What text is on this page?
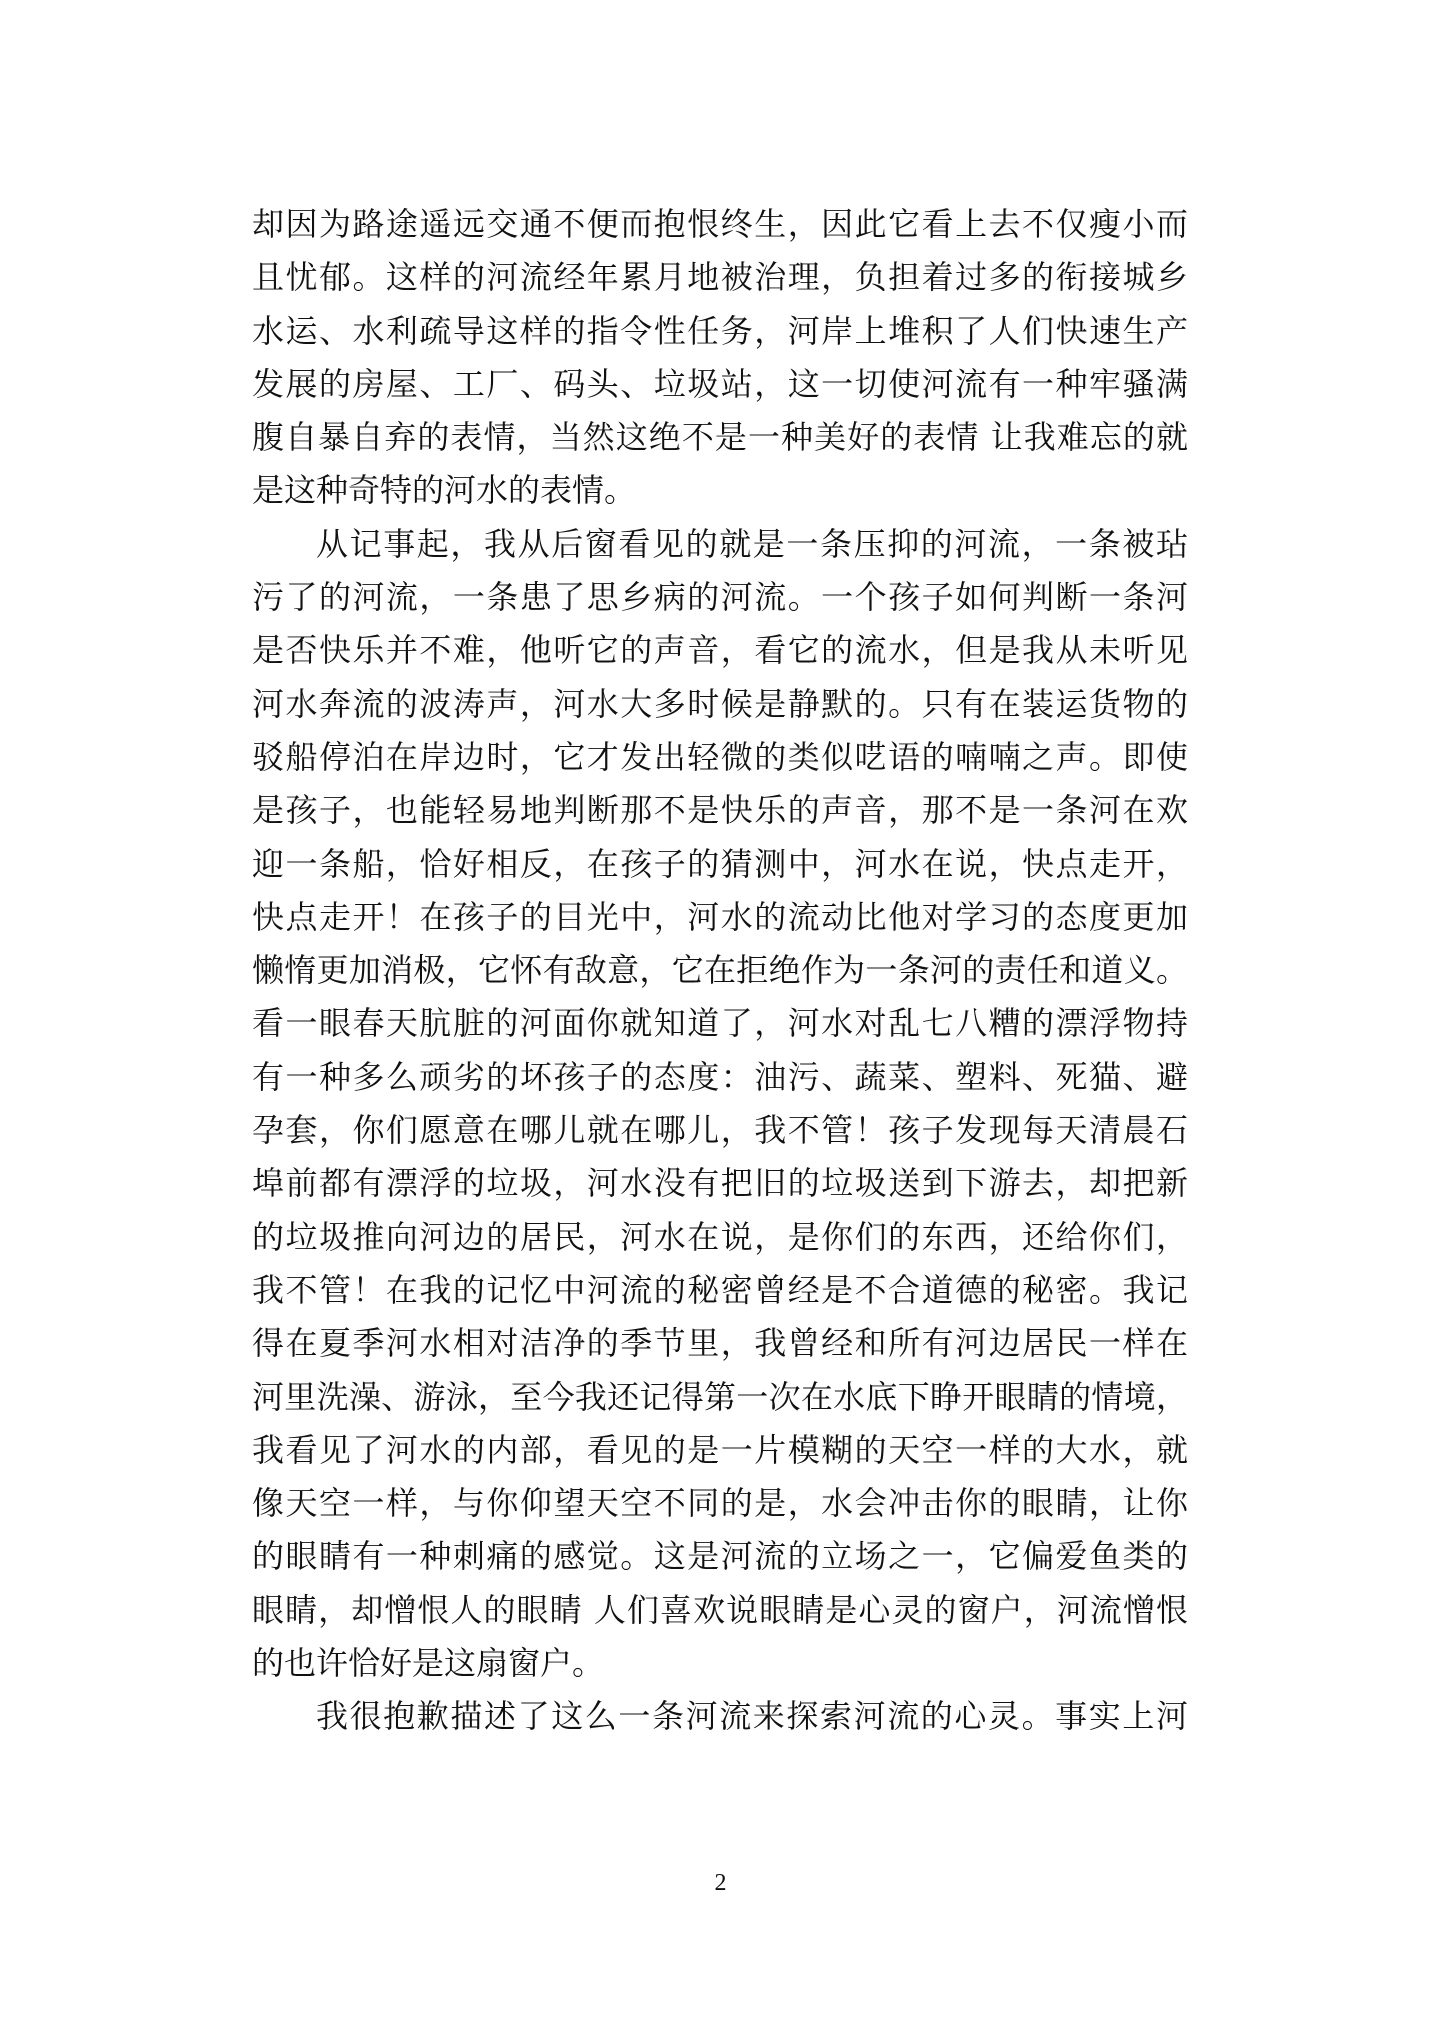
却因为路途遥远交通不便而抱恨终生，因此它看上去不仅瘦小而
且忧郁。这样的河流经年累月地被治理，负担着过多的衔接城乡
水运、水利疏导这样的指令性任务，河岸上堆积了人们快速生产
发展的房屋、工厂、码头、垃圾站，这一切使河流有一种牢骚满
腹自暴自弃的表情，当然这绝不是一种美好的表情 让我难忘的就
是这种奇特的河水的表情。
从记事起，我从后窗看见的就是一条压抑的河流，一条被玷
污了的河流，一条患了思乡病的河流。一个孩子如何判断一条河
是否快乐并不难，他听它的声音，看它的流水，但是我从未听见
河水奔流的波涛声，河水大多时候是静默的。只有在装运货物的
驳船停泊在岸边时，它才发出轻微的类似呓语的喃喃之声。即使
是孩子，也能轻易地判断那不是快乐的声音，那不是一条河在欢
迎一条船，恰好相反，在孩子的猜测中，河水在说，快点走开，
快点走开！在孩子的目光中，河水的流动比他对学习的态度更加
懒惰更加消极，它怀有敌意，它在拒绝作为一条河的责任和道义。
看一眼春天肮脏的河面你就知道了，河水对乱七八糟的漂浮物持
有一种多么顽劣的坏孩子的态度：油污、蔬菜、塑料、死猫、避
孕套，你们愿意在哪儿就在哪儿，我不管！孩子发现每天清晨石
埠前都有漂浮的垃圾，河水没有把旧的垃圾送到下游去，却把新
的垃圾推向河边的居民，河水在说，是你们的东西，还给你们，
我不管！在我的记忆中河流的秘密曾经是不合道德的秘密。我记
得在夏季河水相对洁净的季节里，我曾经和所有河边居民一样在
河里洗澡、游泳，至今我还记得第一次在水底下睁开眼睛的情境，
我看见了河水的内部，看见的是一片模糊的天空一样的大水，就
像天空一样，与你仰望天空不同的是，水会冲击你的眼睛，让你
的眼睛有一种刺痛的感觉。这是河流的立场之一，它偏爱鱼类的
眼睛，却憎恨人的眼睛 人们喜欢说眼睛是心灵的窗户，河流憎恨
的也许恰好是这扇窗户。
我很抱歉描述了这么一条河流来探索河流的心灵。事实上河
2
